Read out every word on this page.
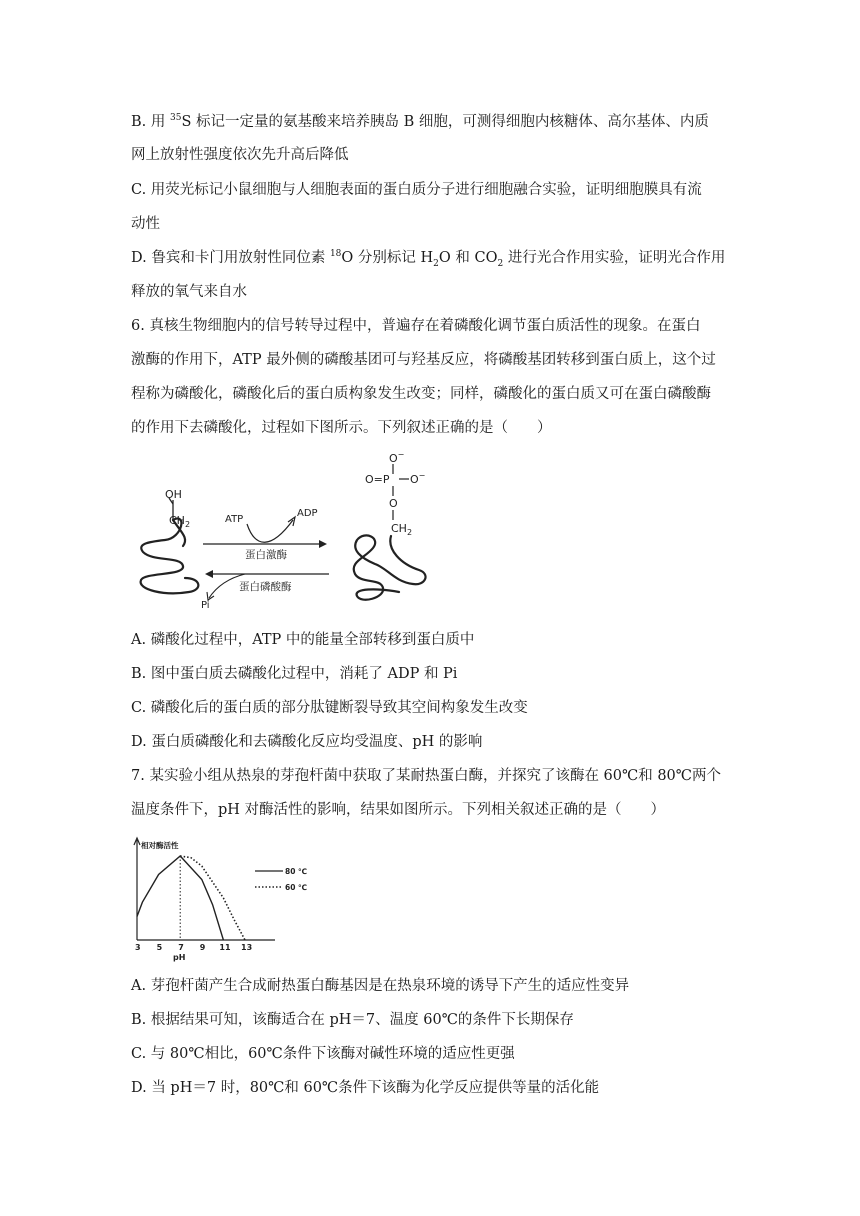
B. 用 $^{35}$S 标记一定量的氨基酸来培养胰岛 B 细胞，可测得细胞内核糖体、高尔基体、内质
网上放射性强度依次先升高后降低
C. 用荧光标记小鼠细胞与人细胞表面的蛋白质分子进行细胞融合实验，证明细胞膜具有流
动性
D. 鲁宾和卡门用放射性同位素 $^{18}$O 分别标记 $H_2O$ 和 $CO_2$ 进行光合作用实验，证明光合作用
释放的氧气来自水
6. 真核生物细胞内的信号转导过程中，普遍存在着磷酸化调节蛋白质活性的现象。在蛋白
激酶的作用下，ATP 最外侧的磷酸基团可与羟基反应，将磷酸基团转移到蛋白质上，这个过
程称为磷酸化，磷酸化后的蛋白质构象发生改变；同样，磷酸化的蛋白质又可在蛋白磷酸酶
的作用下去磷酸化，过程如下图所示。下列叙述正确的是（　　）
OH
$CH_2$	ATP
ADP
蛋白激酶
蛋白磷酸酶
Pi
O−
O=P O−
O
$CH_2$
A. 磷酸化过程中，ATP 中的能量全部转移到蛋白质中
B. 图中蛋白质去磷酸化过程中，消耗了 ADP 和 Pi
C. 磷酸化后的蛋白质的部分肽键断裂导致其空间构象发生改变
D. 蛋白质磷酸化和去磷酸化反应均受温度、pH 的影响
7. 某实验小组从热泉的芽孢杆菌中获取了某耐热蛋白酶，并探究了该酶在 60℃和 80℃两个
温度条件下，pH 对酶活性的影响，结果如图所示。下列相关叙述正确的是（　　）
相对酶活性
pH
3 5 7 9 11 13
80 ℃
60 ℃
A. 芽孢杆菌产生合成耐热蛋白酶基因是在热泉环境的诱导下产生的适应性变异
B. 根据结果可知，该酶适合在 pH＝7、温度 60℃的条件下长期保存
C. 与 80℃相比，60℃条件下该酶对碱性环境的适应性更强
D. 当 pH＝7 时，80℃和 60℃条件下该酶为化学反应提供等量的活化能
